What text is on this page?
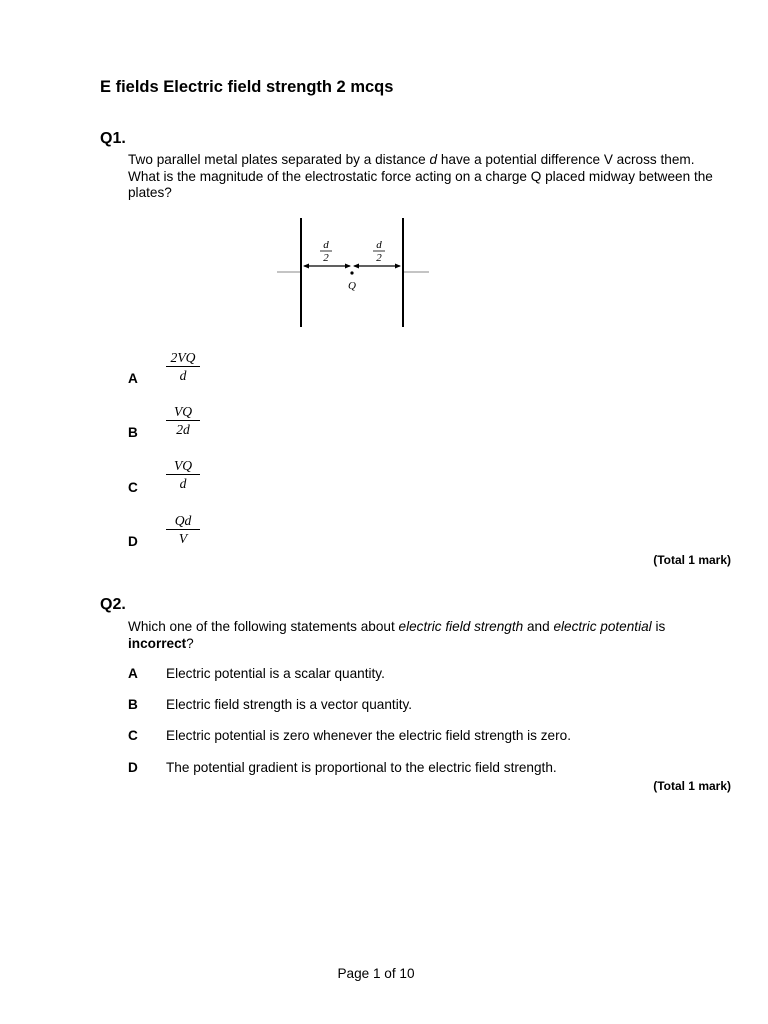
E fields Electric field strength 2 mcqs
Q1.
Two parallel metal plates separated by a distance d have a potential difference V across them. What is the magnitude of the electrostatic force acting on a charge Q placed midway between the plates?
d
2
d
2
Q
A
2VQ
d
B
VQ
2d
C
VQ
d
D
Qd
V
(Total 1 mark)
Q2.
Which one of the following statements about electric field strength and electric potential is incorrect?
A Electric potential is a scalar quantity.
B Electric field strength is a vector quantity.
C Electric potential is zero whenever the electric field strength is zero.
D The potential gradient is proportional to the electric field strength.
(Total 1 mark)
Page 1 of 10
